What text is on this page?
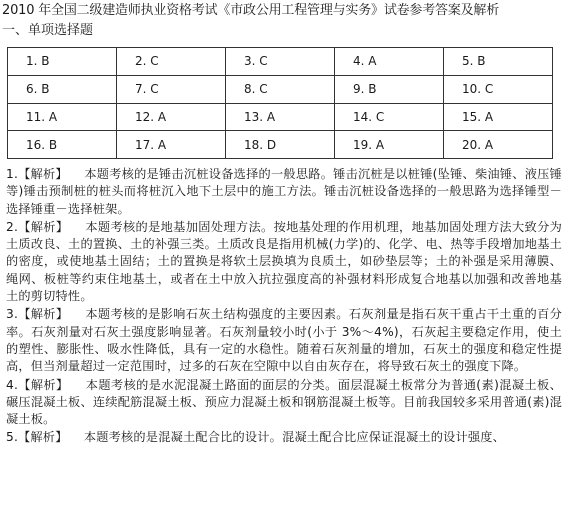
2010 年全国二级建造师执业资格考试《市政公用工程管理与实务》试卷参考答案及解析
一、单项选择题
1. B	2. C	3. C	4. A	5. B
6. B	7. C	8. C	9. B	10. C
11. A	12. A	13. A	14. C	15. A
16. B	17. A	18. D	19. A	20. A

1.【解析】 本题考核的是锤击沉桩设备选择的一般思路。锤击沉桩是以桩锤(坠锤、柴油锤、液压锤等)锤击预制桩的桩头而将桩沉入地下土层中的施工方法。锤击沉桩设备选择的一般思路为选择锤型－选择锤重－选择桩架。

2.【解析】 本题考核的是地基加固处理方法。按地基处理的作用机理，地基加固处理方法大致分为土质改良、土的置换、土的补强三类。土质改良是指用机械(力学)的、化学、电、热等手段增加地基土的密度，或使地基土固结；土的置换是将软土层换填为良质土，如砂垫层等；土的补强是采用薄膜、绳网、板桩等约束住地基土，或者在土中放入抗拉强度高的补强材料形成复合地基以加强和改善地基土的剪切特性。

3.【解析】 本题考核的是影响石灰土结构强度的主要因素。石灰剂量是指石灰干重占干土重的百分率。石灰剂量对石灰土强度影响显著。石灰剂量较小时(小于 3%～4%)，石灰起主要稳定作用，使土的塑性、膨胀性、吸水性降低，具有一定的水稳性。随着石灰剂量的增加，石灰土的强度和稳定性提高，但当剂量超过一定范围时，过多的石灰在空隙中以自由灰存在，将导致石灰土的强度下降。

4.【解析】 本题考核的是水泥混凝土路面的面层的分类。面层混凝土板常分为普通(素)混凝土板、碾压混凝土板、连续配筋混凝土板、预应力混凝土板和钢筋混凝土板等。目前我国较多采用普通(素)混凝土板。

5.【解析】 本题考核的是混凝土配合比的设计。混凝土配合比应保证混凝土的设计强度、
